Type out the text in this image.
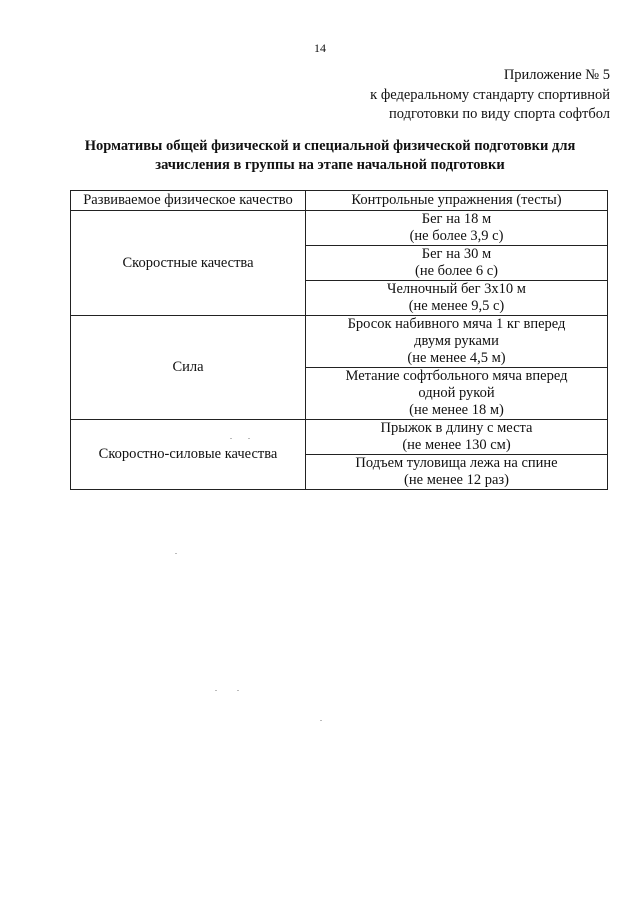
14
Приложение № 5
к федеральному стандарту спортивной
подготовки по виду спорта софтбол
Нормативы общей физической и специальной физической подготовки для
зачисления в группы на этапе начальной подготовки
Развиваемое физическое качество	Контрольные упражнения (тесты)
Скоростные качества	Бег на 18 м
(не более 3,9 с)

	Бег на 30 м
(не более 6 с)

	Челночный бег 3х10 м
(не менее 9,5 с)

Сила	Бросок набивного мяча 1 кг вперед
двумя руками
(не менее 4,5 м)

	Метание софтбольного мяча вперед
одной рукой
(не менее 18 м)

Скоростно-силовые качества	Прыжок в длину с места
(не менее 130 см)

	Подъем туловища лежа на спине
(не менее 12 раз)
